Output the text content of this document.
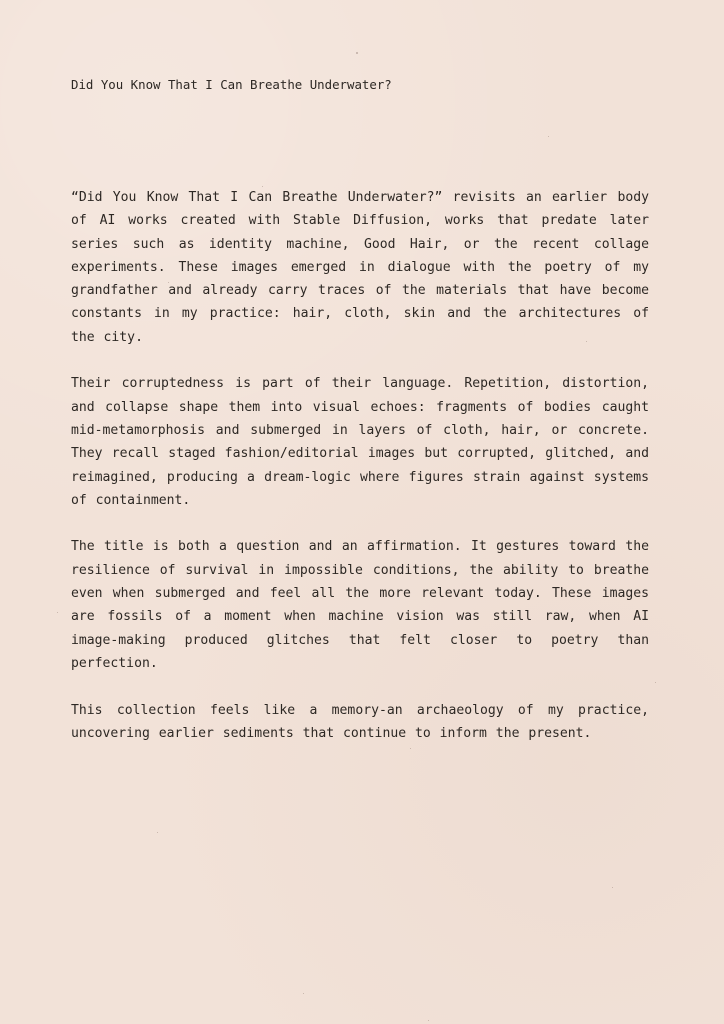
Did You Know That I Can Breathe Underwater?

“Did You Know That I Can Breathe Underwater?” revisits an earlier body of AI works created with Stable Diffusion, works that predate later series such as identity machine, Good Hair, or the recent collage experiments. These images emerged in dialogue with the poetry of my grandfather and already carry traces of the materials that have become constants in my practice: hair, cloth, skin and the architectures of the city.

Their corruptedness is part of their language. Repetition, distortion, and collapse shape them into visual echoes: fragments of bodies caught mid-metamorphosis and submerged in layers of cloth, hair, or concrete. They recall staged fashion/editorial images but corrupted, glitched, and reimagined, producing a dream-logic where figures strain against systems of containment.

The title is both a question and an affirmation. It gestures toward the resilience of survival in impossible conditions, the ability to breathe even when submerged and feel all the more relevant today. These images are fossils of a moment when machine vision was still raw, when AI image-making produced glitches that felt closer to poetry than perfection.

This collection feels like a memory-an archaeology of my practice, uncovering earlier sediments that continue to inform the present.
